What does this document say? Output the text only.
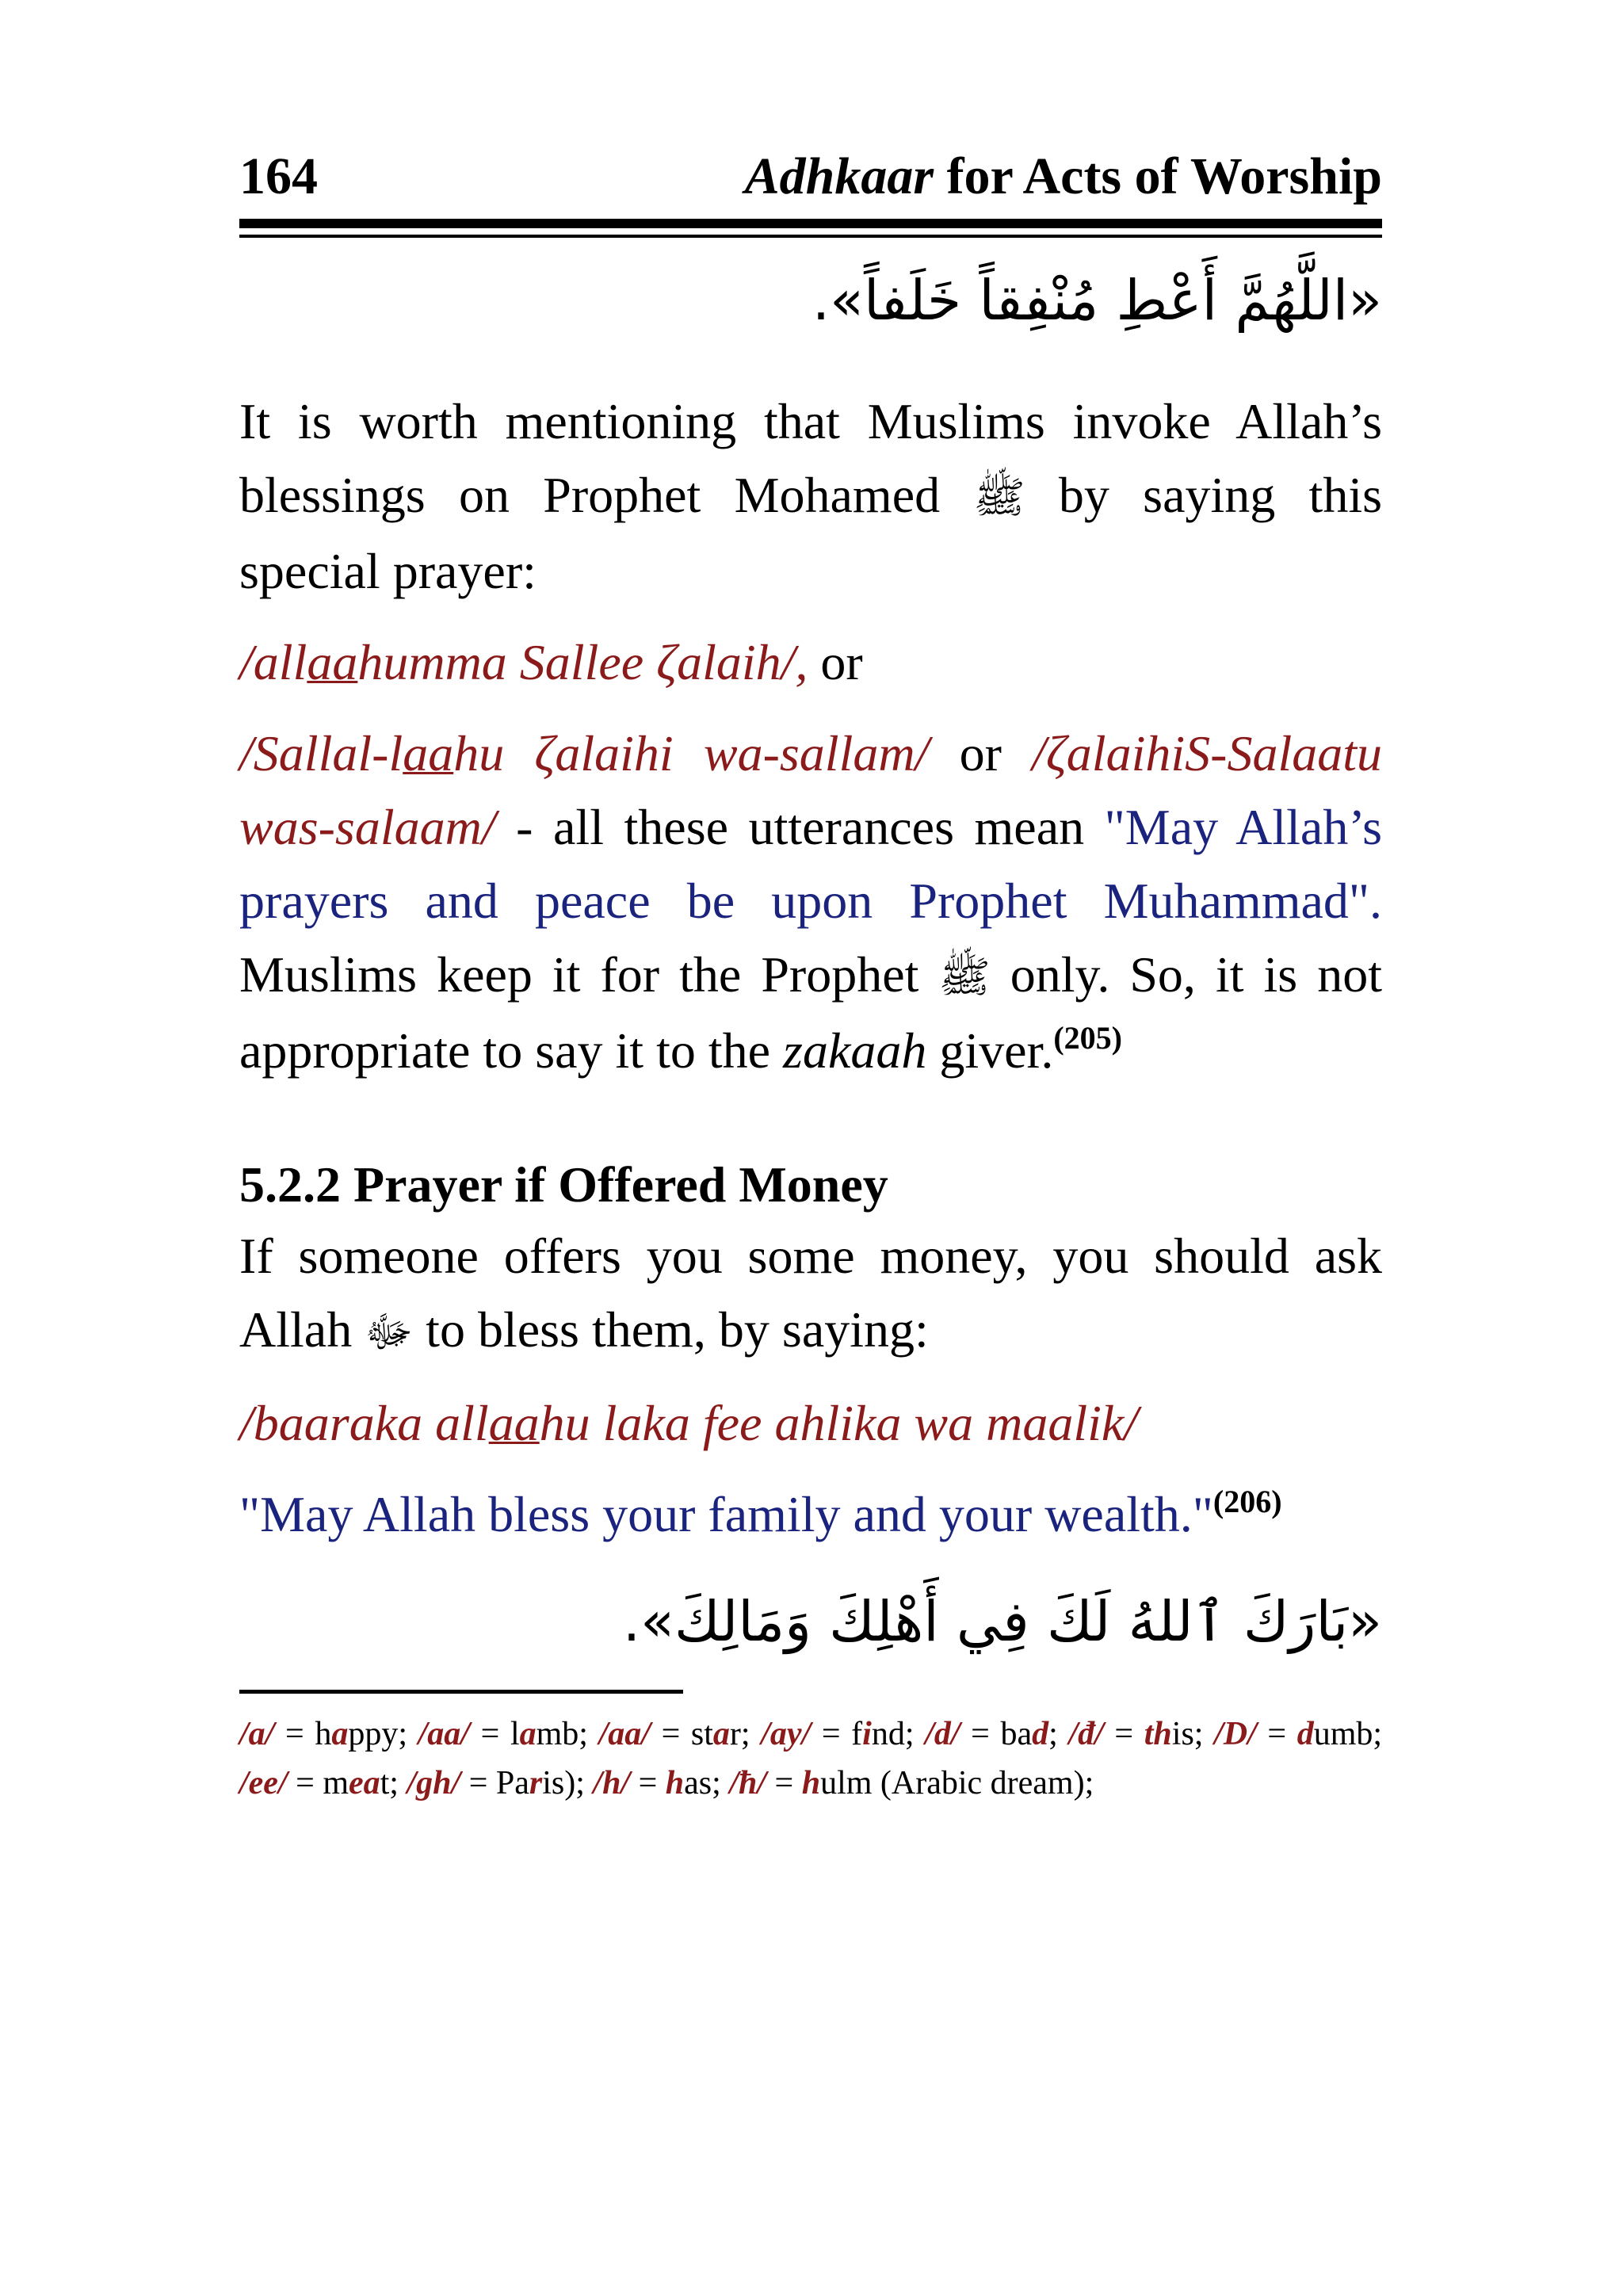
164	Adhkaar for Acts of Worship
«اللَّهُمَّ أَعْطِ مُنْفِقاً خَلَفاً».

It is worth mentioning that Muslims invoke Allah’s blessings on Prophet Mohamed ﷺ by saying this special prayer:

/allaahumma Sallee ζalaih/, or

/Sallal-laahu ζalaihi wa-sallam/ or /ζalaihiS-Salaatu was-salaam/ - all these utterances mean "May Allah’s prayers and peace be upon Prophet Muhammad". Muslims keep it for the Prophet ﷺ only. So, it is not appropriate to say it to the zakaah giver.$^{(205)}$

5.2.2 Prayer if Offered Money

If someone offers you some money, you should ask Allah ﷻ to bless them, by saying:

/baaraka allaahu laka fee ahlika wa maalik/

"May Allah bless your family and your wealth."$^{(206)}$

«بَارَكَ ٱللهُ لَكَ فِي أَهْلِكَ وَمَالِكَ».
/a/ = happy; /aa/ = lamb; /aa/ = star; /ay/ = find; /d/ = bad; /đ/ = this; /D/ = dumb; /ee/ = meat; /gh/ = Paris); /h/ = has; /ħ/ = hulm (Arabic dream);
